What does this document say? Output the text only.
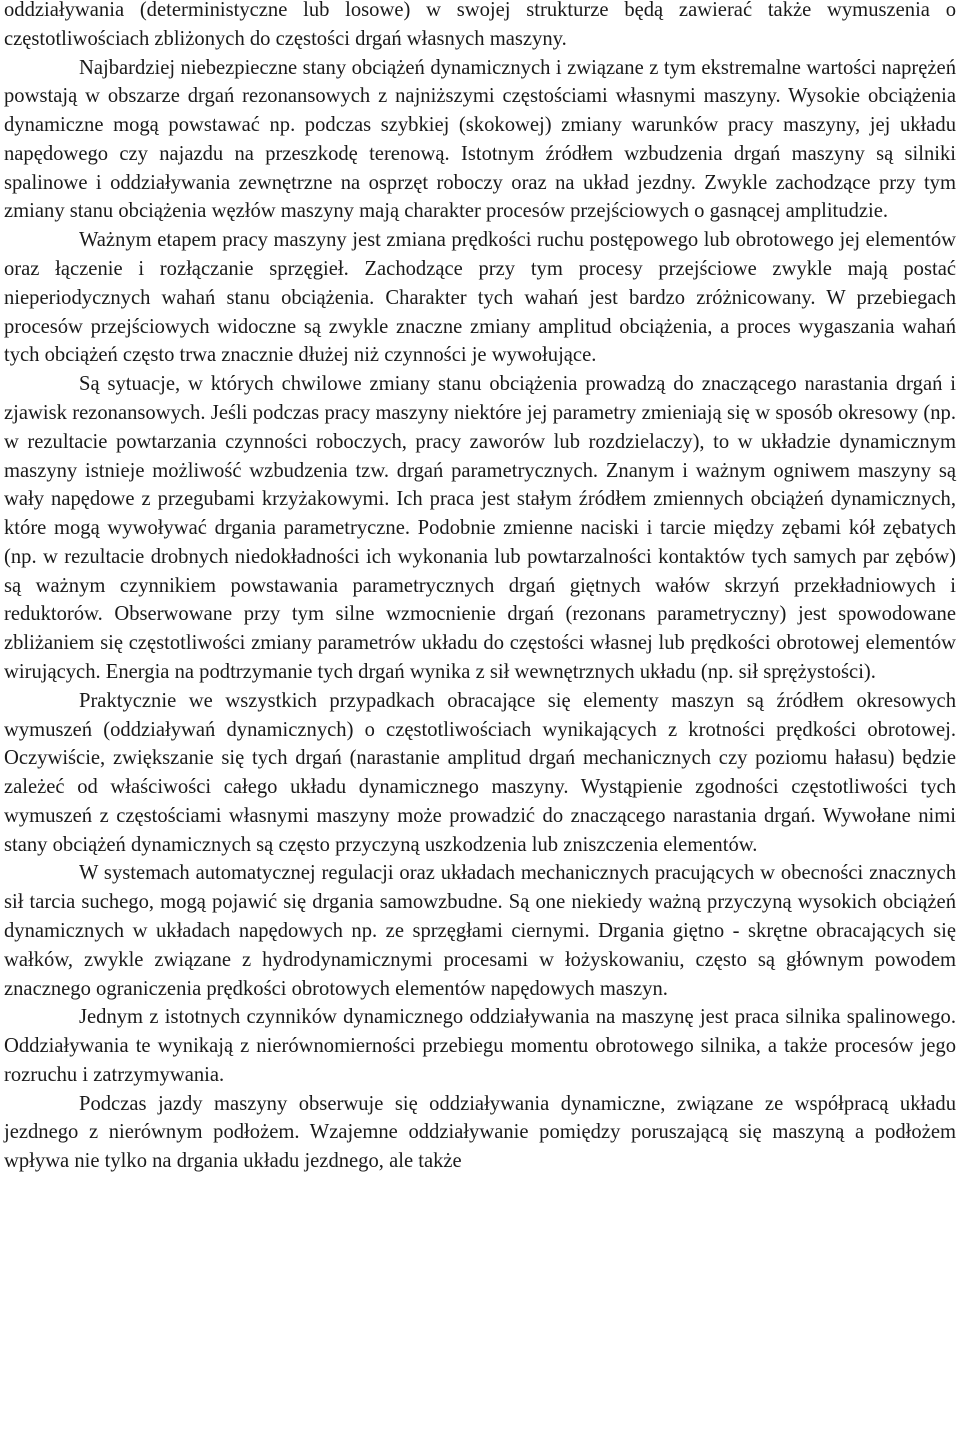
oddziaływania (deterministyczne lub losowe) w swojej strukturze będą zawierać także wymuszenia o częstotliwościach zbliżonych do częstości drgań własnych maszyny.

Najbardziej niebezpieczne stany obciążeń dynamicznych i związane z tym ekstremalne wartości naprężeń powstają w obszarze drgań rezonansowych z najniższymi częstościami własnymi maszyny. Wysokie obciążenia dynamiczne mogą powstawać np. podczas szybkiej (skokowej) zmiany warunków pracy maszyny, jej układu napędowego czy najazdu na przeszkodę terenową. Istotnym źródłem wzbudzenia drgań maszyny są silniki spalinowe i oddziaływania zewnętrzne na osprzęt roboczy oraz na układ jezdny. Zwykle zachodzące przy tym zmiany stanu obciążenia węzłów maszyny mają charakter procesów przejściowych o gasnącej amplitudzie.

Ważnym etapem pracy maszyny jest zmiana prędkości ruchu postępowego lub obrotowego jej elementów oraz łączenie i rozłączanie sprzęgieł. Zachodzące przy tym procesy przejściowe zwykle mają postać nieperiodycznych wahań stanu obciążenia. Charakter tych wahań jest bardzo zróżnicowany. W przebiegach procesów przejściowych widoczne są zwykle znaczne zmiany amplitud obciążenia, a proces wygaszania wahań tych obciążeń często trwa znacznie dłużej niż czynności je wywołujące.

Są sytuacje, w których chwilowe zmiany stanu obciążenia prowadzą do znaczącego narastania drgań i zjawisk rezonansowych. Jeśli podczas pracy maszyny niektóre jej parametry zmieniają się w sposób okresowy (np. w rezultacie powtarzania czynności roboczych, pracy zaworów lub rozdzielaczy), to w układzie dynamicznym maszyny istnieje możliwość wzbudzenia tzw. drgań parametrycznych. Znanym i ważnym ogniwem maszyny są wały napędowe z przegubami krzyżakowymi. Ich praca jest stałym źródłem zmiennych obciążeń dynamicznych, które mogą wywoływać drgania parametryczne. Podobnie zmienne naciski i tarcie między zębami kół zębatych (np. w rezultacie drobnych niedokładności ich wykonania lub powtarzalności kontaktów tych samych par zębów) są ważnym czynnikiem powstawania parametrycznych drgań giętnych wałów skrzyń przekładniowych i reduktorów. Obserwowane przy tym silne wzmocnienie drgań (rezonans parametryczny) jest spowodowane zbliżaniem się częstotliwości zmiany parametrów układu do częstości własnej lub prędkości obrotowej elementów wirujących. Energia na podtrzymanie tych drgań wynika z sił wewnętrznych układu (np. sił sprężystości).

Praktycznie we wszystkich przypadkach obracające się elementy maszyn są źródłem okresowych wymuszeń (oddziaływań dynamicznych) o częstotliwościach wynikających z krotności prędkości obrotowej. Oczywiście, zwiększanie się tych drgań (narastanie amplitud drgań mechanicznych czy poziomu hałasu) będzie zależeć od właściwości całego układu dynamicznego maszyny. Wystąpienie zgodności częstotliwości tych wymuszeń z częstościami własnymi maszyny może prowadzić do znaczącego narastania drgań. Wywołane nimi stany obciążeń dynamicznych są często przyczyną uszkodzenia lub zniszczenia elementów.

W systemach automatycznej regulacji oraz układach mechanicznych pracujących w obecności znacznych sił tarcia suchego, mogą pojawić się drgania samowzbudne. Są one niekiedy ważną przyczyną wysokich obciążeń dynamicznych w układach napędowych np. ze sprzęgłami ciernymi. Drgania giętno - skrętne obracających się wałków, zwykle związane z hydrodynamicznymi procesami w łożyskowaniu, często są głównym powodem znacznego ograniczenia prędkości obrotowych elementów napędowych maszyn.

Jednym z istotnych czynników dynamicznego oddziaływania na maszynę jest praca silnika spalinowego. Oddziaływania te wynikają z nierównomierności przebiegu momentu obrotowego silnika, a także procesów jego rozruchu i zatrzymywania.

Podczas jazdy maszyny obserwuje się oddziaływania dynamiczne, związane ze współpracą układu jezdnego z nierównym podłożem. Wzajemne oddziaływanie pomiędzy poruszającą się maszyną a podłożem wpływa nie tylko na drgania układu jezdnego, ale także
